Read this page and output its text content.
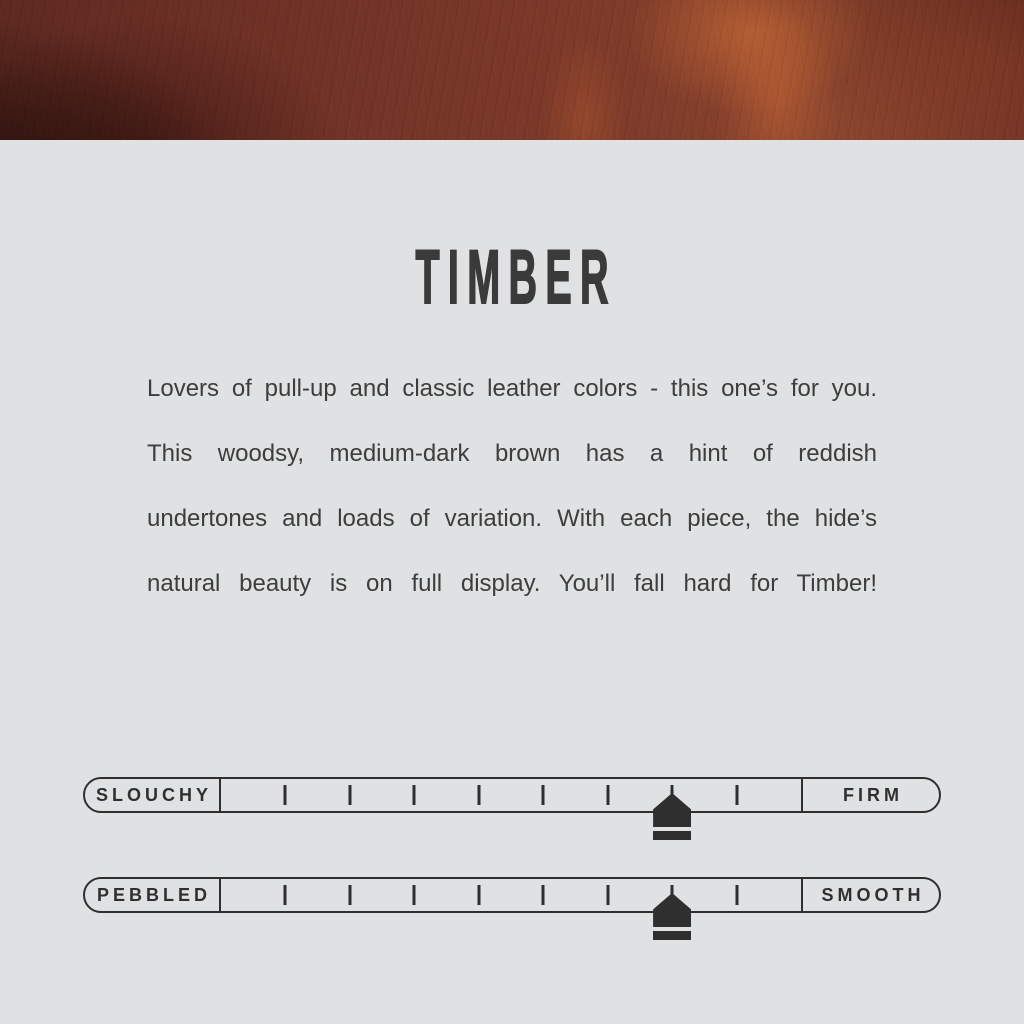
TIMBER

Lovers of pull-up and classic leather colors - this one’s for you.

This woodsy, medium-dark brown has a hint of reddish

undertones and loads of variation. With each piece, the hide’s

natural beauty is on full display. You’ll fall hard for Timber!

SLOUCHY	FIRM
PEBBLED	SMOOTH
